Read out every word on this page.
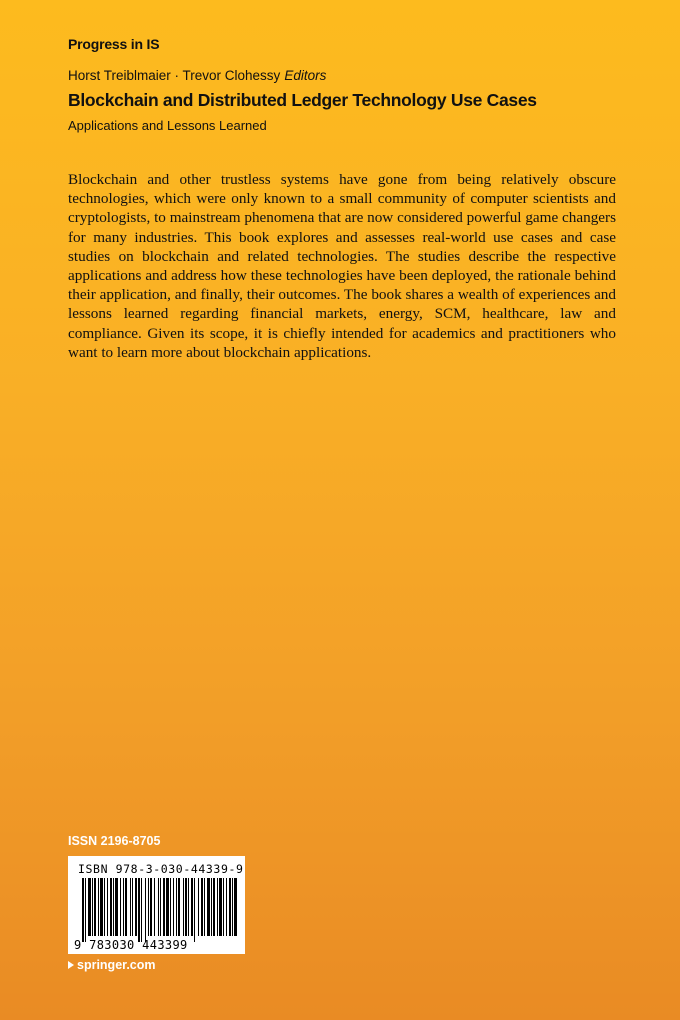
Progress in IS
Horst Treiblmaier · Trevor Clohessy Editors
Blockchain and Distributed Ledger Technology Use Cases
Applications and Lessons Learned

Blockchain and other trustless systems have gone from being relatively obscure technologies, which were only known to a small community of computer scientists and cryptologists, to mainstream phenomena that are now considered powerful game changers for many industries. This book explores and assesses real-world use cases and case studies on blockchain and related technologies. The studies describe the respective applications and address how these technologies have been deployed, the rationale behind their application, and finally, their outcomes. The book shares a wealth of experiences and lessons learned regarding financial markets, energy, SCM, healthcare, law and compliance. Given its scope, it is chiefly intended for academics and practitioners who want to learn more about blockchain applications.

ISSN 2196-8705
ISBN 978-3-030-44339-9
9 783030 443399
springer.com
